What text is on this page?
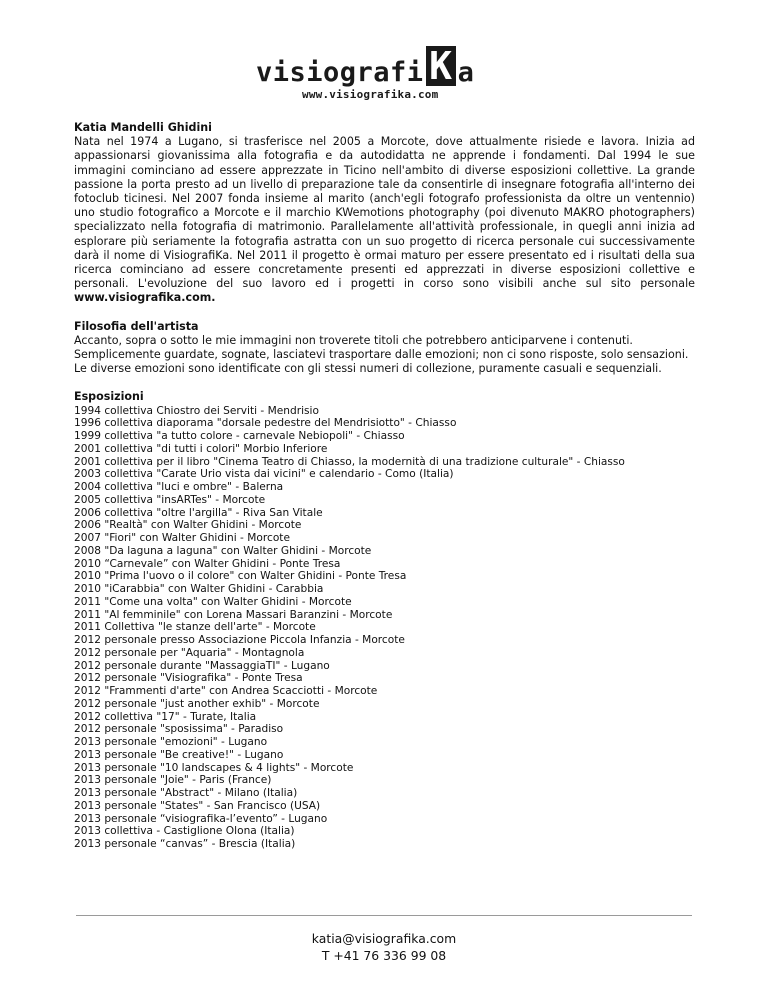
visiografi K a
www.visiografika.com

Katia Mandelli Ghidini

Nata nel 1974 a Lugano, si trasferisce nel 2005 a Morcote, dove attualmente risiede e lavora. Inizia ad appassionarsi giovanissima alla fotografia e da autodidatta ne apprende i fondamenti. Dal 1994 le sue immagini cominciano ad essere apprezzate in Ticino nell'ambito di diverse esposizioni collettive. La grande passione la porta presto ad un livello di preparazione tale da consentirle di insegnare fotografia all'interno dei fotoclub ticinesi. Nel 2007 fonda insieme al marito (anch'egli fotografo professionista da oltre un ventennio) uno studio fotografico a Morcote e il marchio KWemotions photography (poi divenuto MAKRO photographers) specializzato nella fotografia di matrimonio. Parallelamente all'attività professionale, in quegli anni inizia ad esplorare più seriamente la fotografia astratta con un suo progetto di ricerca personale cui successivamente darà il nome di VisiografiKa. Nel 2011 il progetto è ormai maturo per essere presentato ed i risultati della sua ricerca cominciano ad essere concretamente presenti ed apprezzati in diverse esposizioni collettive e personali. L'evoluzione del suo lavoro ed i progetti in corso sono visibili anche sul sito personale www.visiografika.com.

Filosofia dell'artista

Accanto, sopra o sotto le mie immagini non troverete titoli che potrebbero anticiparvene i contenuti.

Semplicemente guardate, sognate, lasciatevi trasportare dalle emozioni; non ci sono risposte, solo sensazioni.

Le diverse emozioni sono identificate con gli stessi numeri di collezione, puramente casuali e sequenziali.

Esposizioni

1994 collettiva Chiostro dei Serviti - Mendrisio
1996 collettiva diaporama "dorsale pedestre del Mendrisiotto" - Chiasso
1999 collettiva "a tutto colore - carnevale Nebiopoli" - Chiasso
2001 collettiva "di tutti i colori" Morbio Inferiore
2001 collettiva per il libro "Cinema Teatro di Chiasso, la modernità di una tradizione culturale" - Chiasso
2003 collettiva "Carate Urio vista dai vicini" e calendario - Como (Italia)
2004 collettiva "luci e ombre" - Balerna
2005 collettiva "insARTes" - Morcote
2006 collettiva "oltre l'argilla" - Riva San Vitale
2006 "Realtà" con Walter Ghidini - Morcote
2007 "Fiori" con Walter Ghidini - Morcote
2008 "Da laguna a laguna" con Walter Ghidini - Morcote
2010 “Carnevale” con Walter Ghidini - Ponte Tresa
2010 "Prima l'uovo o il colore" con Walter Ghidini - Ponte Tresa
2010 "iCarabbia" con Walter Ghidini - Carabbia
2011 "Come una volta" con Walter Ghidini - Morcote
2011 "Al femminile" con Lorena Massari Baranzini - Morcote
2011 Collettiva "le stanze dell'arte" - Morcote
2012 personale presso Associazione Piccola Infanzia - Morcote
2012 personale per "Aquaria" - Montagnola
2012 personale durante "MassaggiaTI" - Lugano
2012 personale "Visiografika" - Ponte Tresa
2012 "Frammenti d'arte" con Andrea Scacciotti - Morcote
2012 personale "just another exhib" - Morcote
2012 collettiva "17" - Turate, Italia
2012 personale "sposissima" - Paradiso
2013 personale "emozioni" - Lugano
2013 personale "Be creative!" - Lugano
2013 personale "10 landscapes & 4 lights" - Morcote
2013 personale "Joie" - Paris (France)
2013 personale "Abstract" - Milano (Italia)
2013 personale "States" - San Francisco (USA)
2013 personale “visiografika-l’evento” - Lugano
2013 collettiva - Castiglione Olona (Italia)
2013 personale “canvas” - Brescia (Italia)
katia@visiografika.com
T +41 76 336 99 08
